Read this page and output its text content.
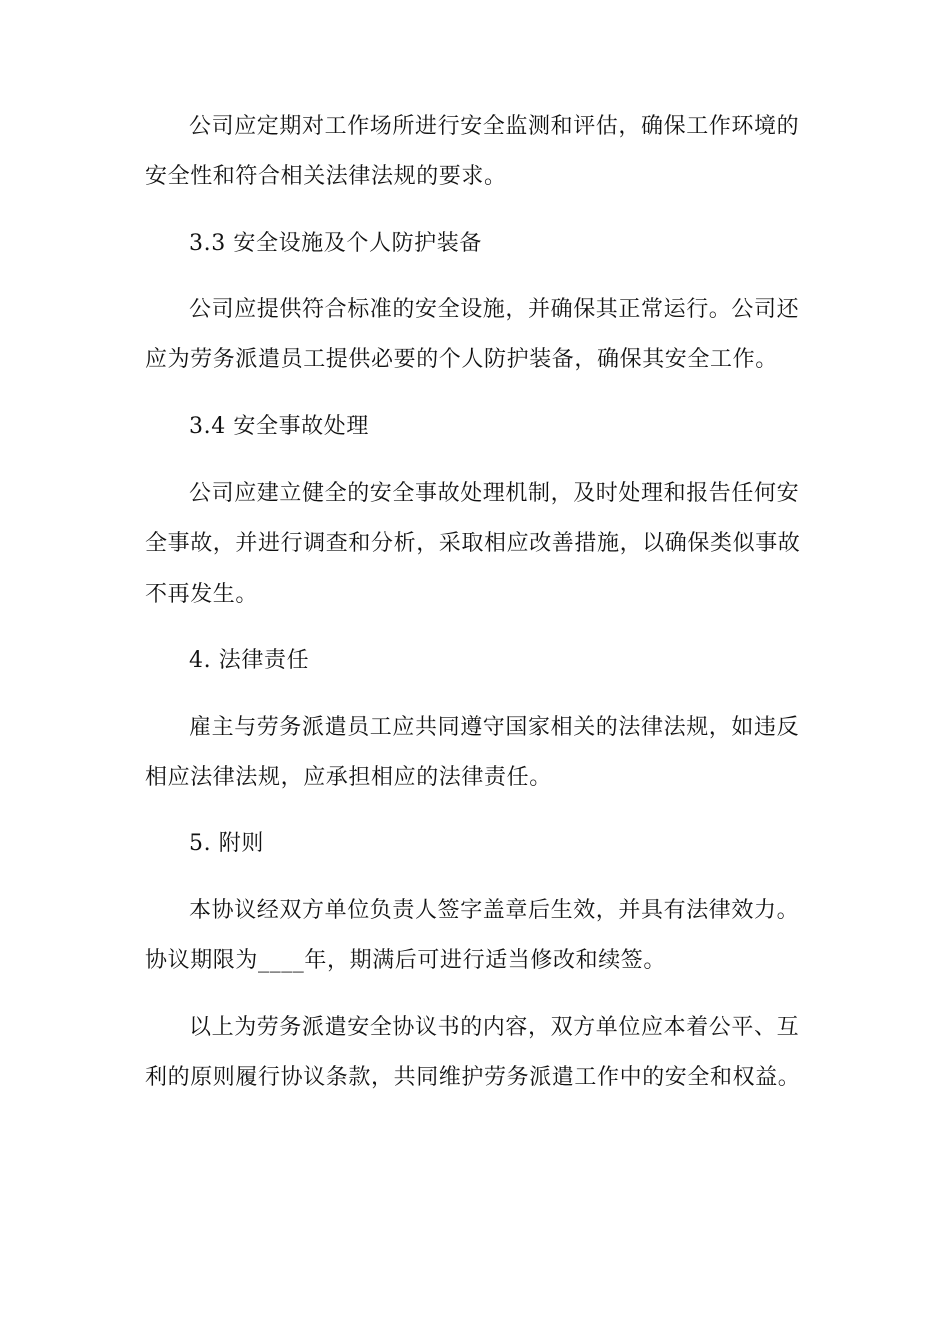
公司应定期对工作场所进行安全监测和评估，确保工作环境的
安全性和符合相关法律法规的要求。
3.3 安全设施及个人防护装备
公司应提供符合标准的安全设施，并确保其正常运行。公司还
应为劳务派遣员工提供必要的个人防护装备，确保其安全工作。
3.4 安全事故处理
公司应建立健全的安全事故处理机制，及时处理和报告任何安
全事故，并进行调查和分析，采取相应改善措施，以确保类似事故
不再发生。
4. 法律责任
雇主与劳务派遣员工应共同遵守国家相关的法律法规，如违反
相应法律法规，应承担相应的法律责任。
5. 附则
本协议经双方单位负责人签字盖章后生效，并具有法律效力。
协议期限为____年，期满后可进行适当修改和续签。
以上为劳务派遣安全协议书的内容，双方单位应本着公平、互
利的原则履行协议条款，共同维护劳务派遣工作中的安全和权益。
